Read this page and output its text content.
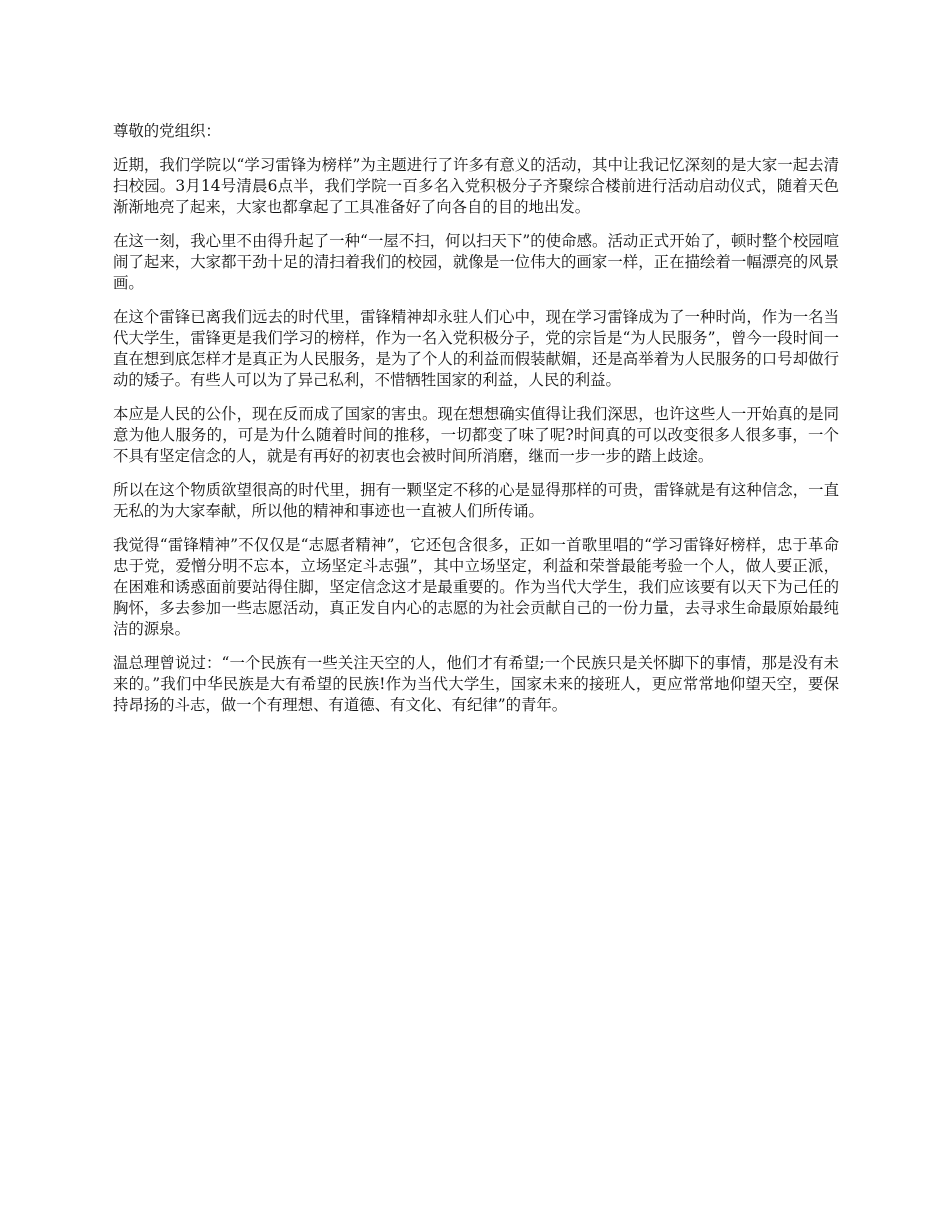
尊敬的党组织：

近期，我们学院以“学习雷锋为榜样”为主题进行了许多有意义的活动，其中让我记忆深刻的是大家一起去清扫校园。3月14号清晨6点半，我们学院一百多名入党积极分子齐聚综合楼前进行活动启动仪式，随着天色渐渐地亮了起来，大家也都拿起了工具准备好了向各自的目的地出发。

在这一刻，我心里不由得升起了一种“一屋不扫，何以扫天下”的使命感。活动正式开始了，顿时整个校园喧闹了起来，大家都干劲十足的清扫着我们的校园，就像是一位伟大的画家一样，正在描绘着一幅漂亮的风景画。

在这个雷锋已离我们远去的时代里，雷锋精神却永驻人们心中，现在学习雷锋成为了一种时尚，作为一名当代大学生，雷锋更是我们学习的榜样，作为一名入党积极分子，党的宗旨是“为人民服务”，曾今一段时间一直在想到底怎样才是真正为人民服务，是为了个人的利益而假装献媚，还是高举着为人民服务的口号却做行动的矮子。有些人可以为了异己私利，不惜牺牲国家的利益，人民的利益。

本应是人民的公仆，现在反而成了国家的害虫。现在想想确实值得让我们深思，也许这些人一开始真的是同意为他人服务的，可是为什么随着时间的推移，一切都变了味了呢?时间真的可以改变很多人很多事，一个不具有坚定信念的人，就是有再好的初衷也会被时间所消磨，继而一步一步的踏上歧途。

所以在这个物质欲望很高的时代里，拥有一颗坚定不移的心是显得那样的可贵，雷锋就是有这种信念，一直无私的为大家奉献，所以他的精神和事迹也一直被人们所传诵。

我觉得“雷锋精神”不仅仅是“志愿者精神”，它还包含很多，正如一首歌里唱的“学习雷锋好榜样，忠于革命忠于党，爱憎分明不忘本，立场坚定斗志强”，其中立场坚定，利益和荣誉最能考验一个人，做人要正派，在困难和诱惑面前要站得住脚，坚定信念这才是最重要的。作为当代大学生，我们应该要有以天下为己任的胸怀，多去参加一些志愿活动，真正发自内心的志愿的为社会贡献自己的一份力量，去寻求生命最原始最纯洁的源泉。

温总理曾说过：“一个民族有一些关注天空的人，他们才有希望;一个民族只是关怀脚下的事情，那是没有未来的。”我们中华民族是大有希望的民族!作为当代大学生，国家未来的接班人，更应常常地仰望天空，要保持昂扬的斗志，做一个有理想、有道德、有文化、有纪律”的青年。
